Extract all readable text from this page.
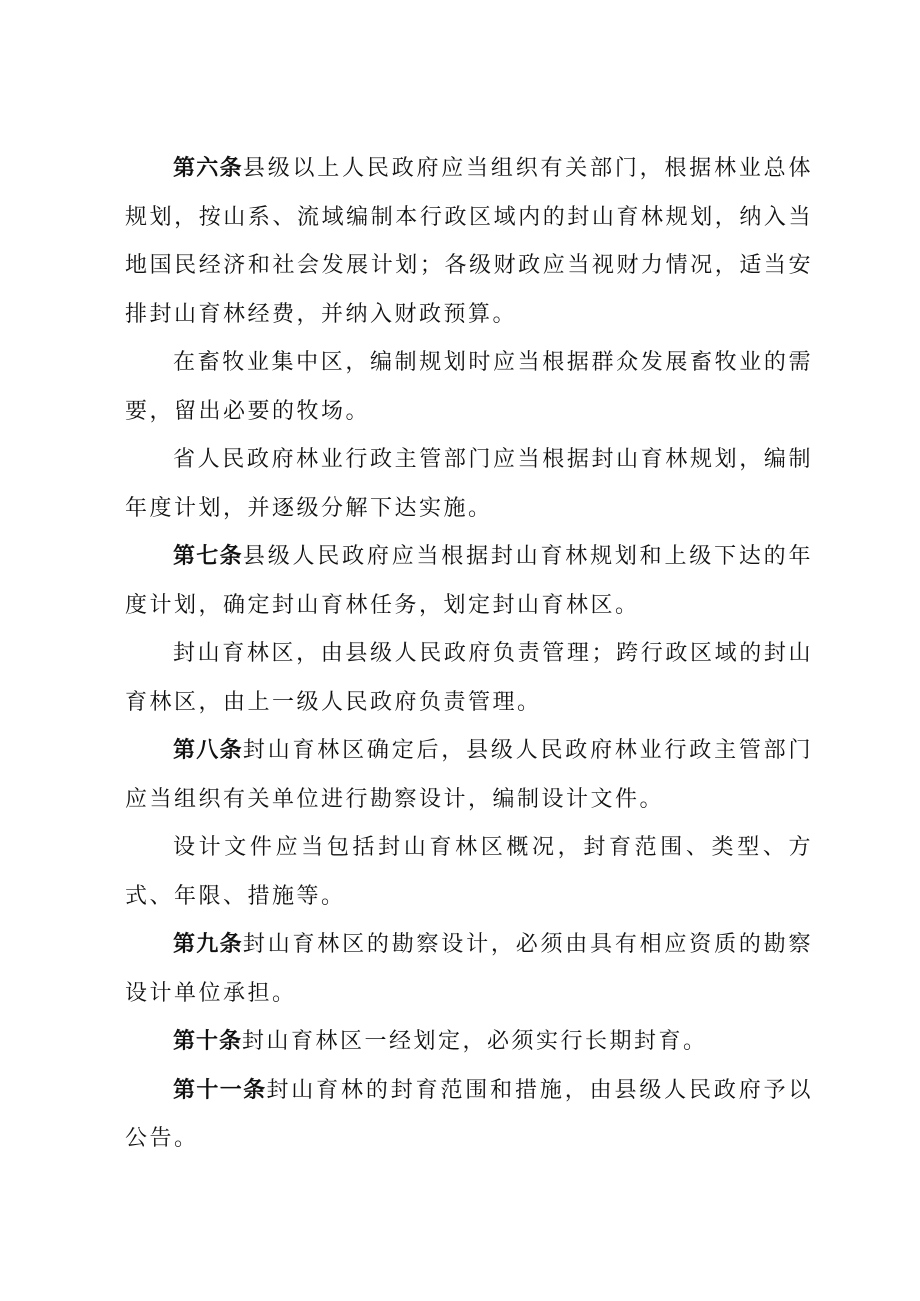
第六条县级以上人民政府应当组织有关部门，根据林业总体规划，按山系、流域编制本行政区域内的封山育林规划，纳入当地国民经济和社会发展计划；各级财政应当视财力情况，适当安排封山育林经费，并纳入财政预算。

在畜牧业集中区，编制规划时应当根据群众发展畜牧业的需要，留出必要的牧场。

省人民政府林业行政主管部门应当根据封山育林规划，编制年度计划，并逐级分解下达实施。

第七条县级人民政府应当根据封山育林规划和上级下达的年度计划，确定封山育林任务，划定封山育林区。

封山育林区，由县级人民政府负责管理；跨行政区域的封山育林区，由上一级人民政府负责管理。

第八条封山育林区确定后，县级人民政府林业行政主管部门应当组织有关单位进行勘察设计，编制设计文件。

设计文件应当包括封山育林区概况，封育范围、类型、方式、年限、措施等。

第九条封山育林区的勘察设计，必须由具有相应资质的勘察设计单位承担。

第十条封山育林区一经划定，必须实行长期封育。

第十一条封山育林的封育范围和措施，由县级人民政府予以公告。
